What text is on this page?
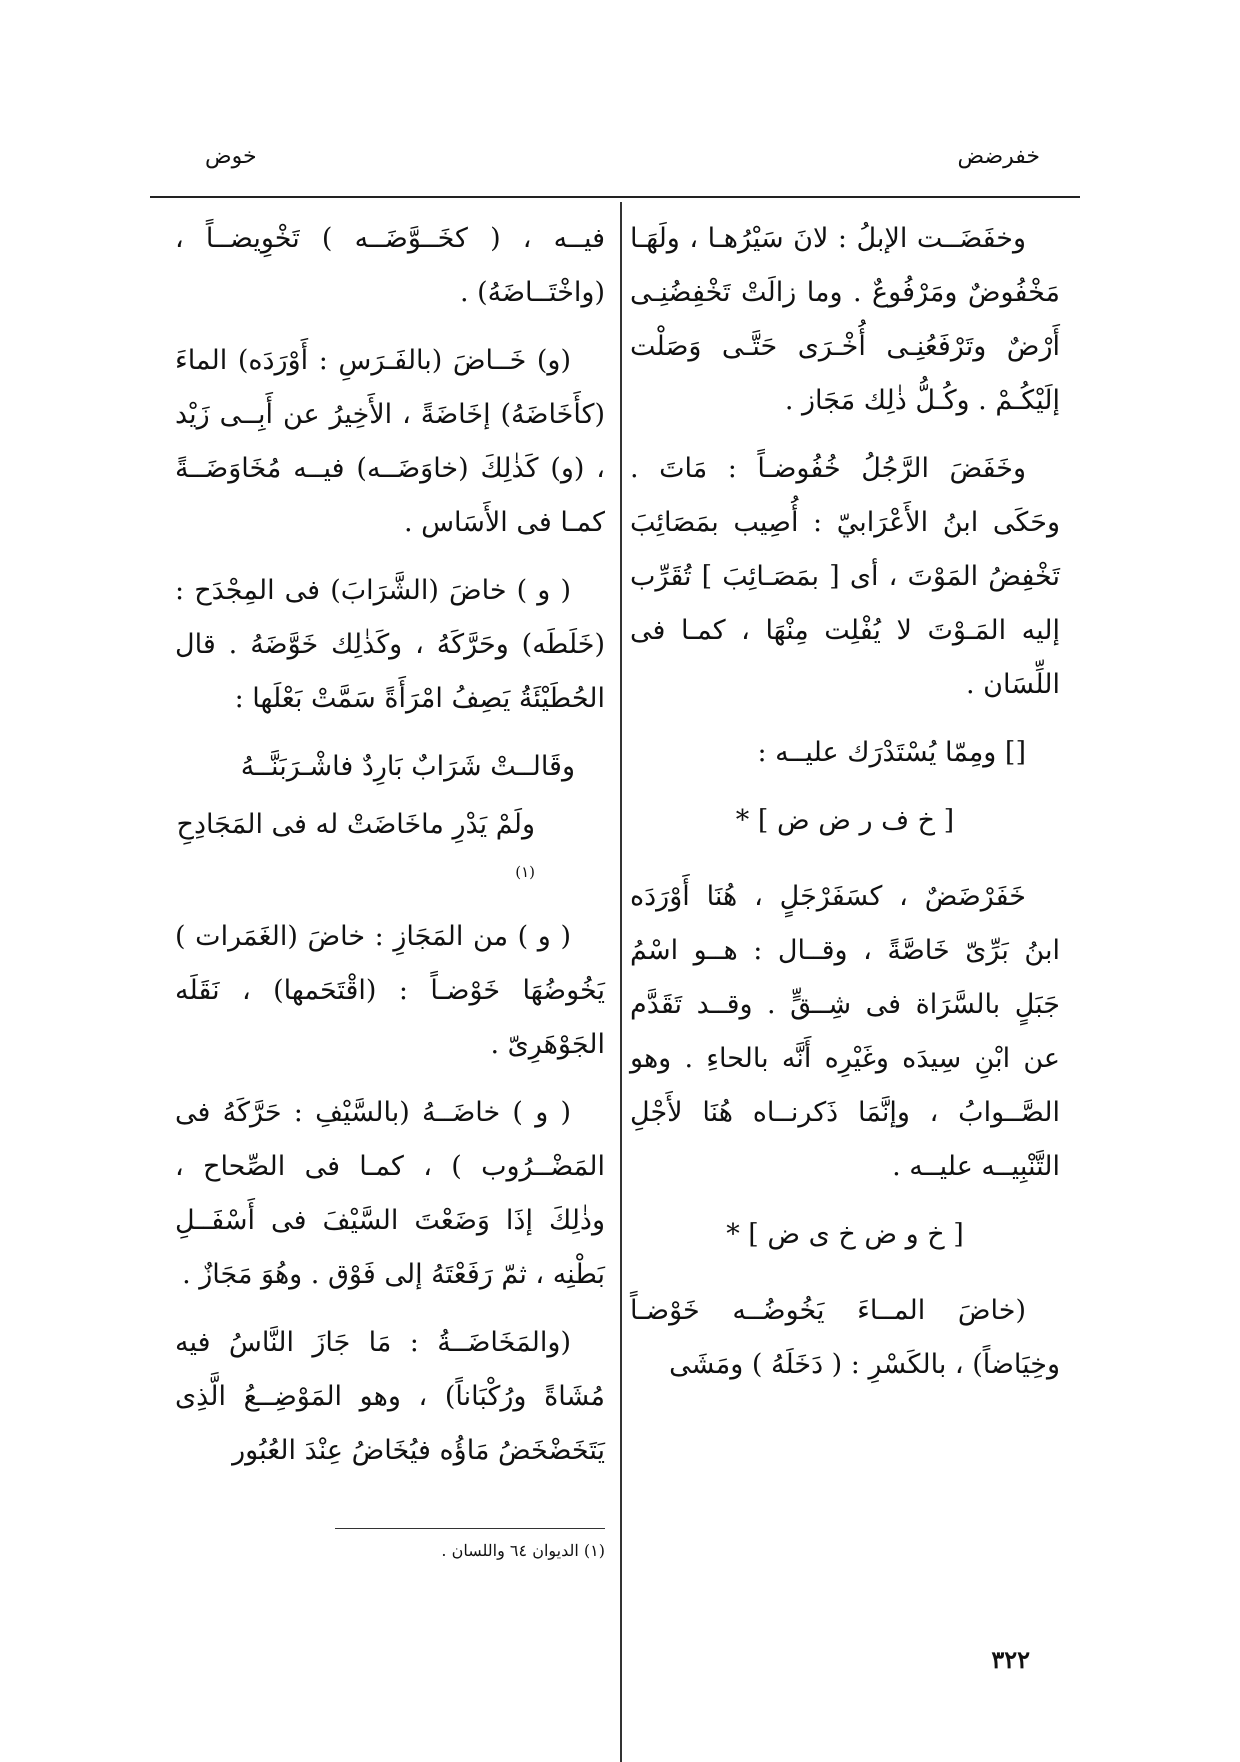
خفرضض
خوض

وخفَضَــت الإبلُ : لانَ سَيْرُهـا ، ولَهَـا مَخْفُوضٌ ومَرْفُوعٌ . وما زالَتْ تَخْفِضُنِـى أَرْضٌ وتَرْفَعُنِـى أُخْـرَى حَتَّـى وَصَلْت إلَيْكُـمْ . وكُـلُّ ذٰلِك مَجَاز .

وخَفَضَ الرَّجُلُ خُفُوضـاً : مَاتَ . وحَكَى ابنُ الأَعْرَابيّ : أُصِيب بمَصَائِبَ تَخْفِضُ المَوْتَ ، أى [ بمَصَـائِبَ ] تُقَرِّب إليه المَـوْتَ لا يُفْلِت مِنْهَا ، كمـا فى اللِّسَان .

[] ومِمّا يُسْتَدْرَك عليــه :

[ خ ف ر ض ض ] *

خَفَرْضَضٌ ، كسَفَرْجَلٍ ، هُنَا أَوْرَدَه ابنُ بَرِّىّ خَاصَّةً ، وقــال : هــو اسْمُ جَبَلٍ بالسَّرَاة فى شِــقٍّ . وقــد تَقَدَّم عن ابْنِ سِيدَه وغَيْرِه أَنَّه بالحاءِ . وهو الصَّــوابُ ، وإنَّمَا ذَكرنــاه هُنَا لأَجْلِ التَّنْبِيــه عليــه .

[ خ و ض خ ى ض ] *

(خاضَ المــاءَ يَخُوضُــه خَوْضـاً وخِيَاضاً) ، بالكَسْرِ : ( دَخَلَهُ ) ومَشَى

فيــه ، ( كخَــوَّضَــه ) تَخْوِيضــاً ، (واخْتَــاضَهُ) .

(و) خَــاضَ (بالفَـرَسِ : أَوْرَدَه) الماءَ (كأَخَاضَهُ) إخَاضَةً ، الأَخِيرُ عن أَبِــى زَيْد ، (و) كَذٰلِكَ (خاوَضَــه) فيــه مُخَاوَضَــةً كمـا فى الأَسَاس .

( و ) خاضَ (الشَّرَابَ) فى المِجْدَح : (خَلَطَه) وحَرَّكَهُ ، وكَذٰلِك خَوَّضَهُ . قال الحُطَيْئَةُ يَصِفُ امْرَأَةً سَمَّتْ بَعْلَها :

وقَالــتْ شَرَابٌ بَارِدٌ فاشْـرَبَنَّــهُ

ولَمْ يَدْرِ ماخَاضَتْ له فى المَجَادِحِ $^{(١)}$

( و ) من المَجَازِ : خاضَ (الغَمَرات ) يَخُوضُهَا خَوْضـاً : (اقْتَحَمها) ، نَقَلَه الجَوْهَرِىّ .

( و ) خاضَــهُ (بالسَّيْفِ : حَرَّكَهُ فى المَضْــرُوب ) ، كمـا فى الصِّحاح ، وذٰلِكَ إذَا وَضَعْتَ السَّيْفَ فى أَسْفَــلِ بَطْنِه ، ثمّ رَفَعْتَهُ إلى فَوْق . وهُوَ مَجَازٌ .

(والمَخَاضَــةُ : مَا جَازَ النَّاسُ فيه مُشَاةً ورُكْبَاناً) ، وهو المَوْضِــعُ الَّذِى يَتَخَضْخَضُ مَاؤُه فيُخَاضُ عِنْدَ العُبُور

(١) الديوان ٦٤ واللسان .
٣٢٢
